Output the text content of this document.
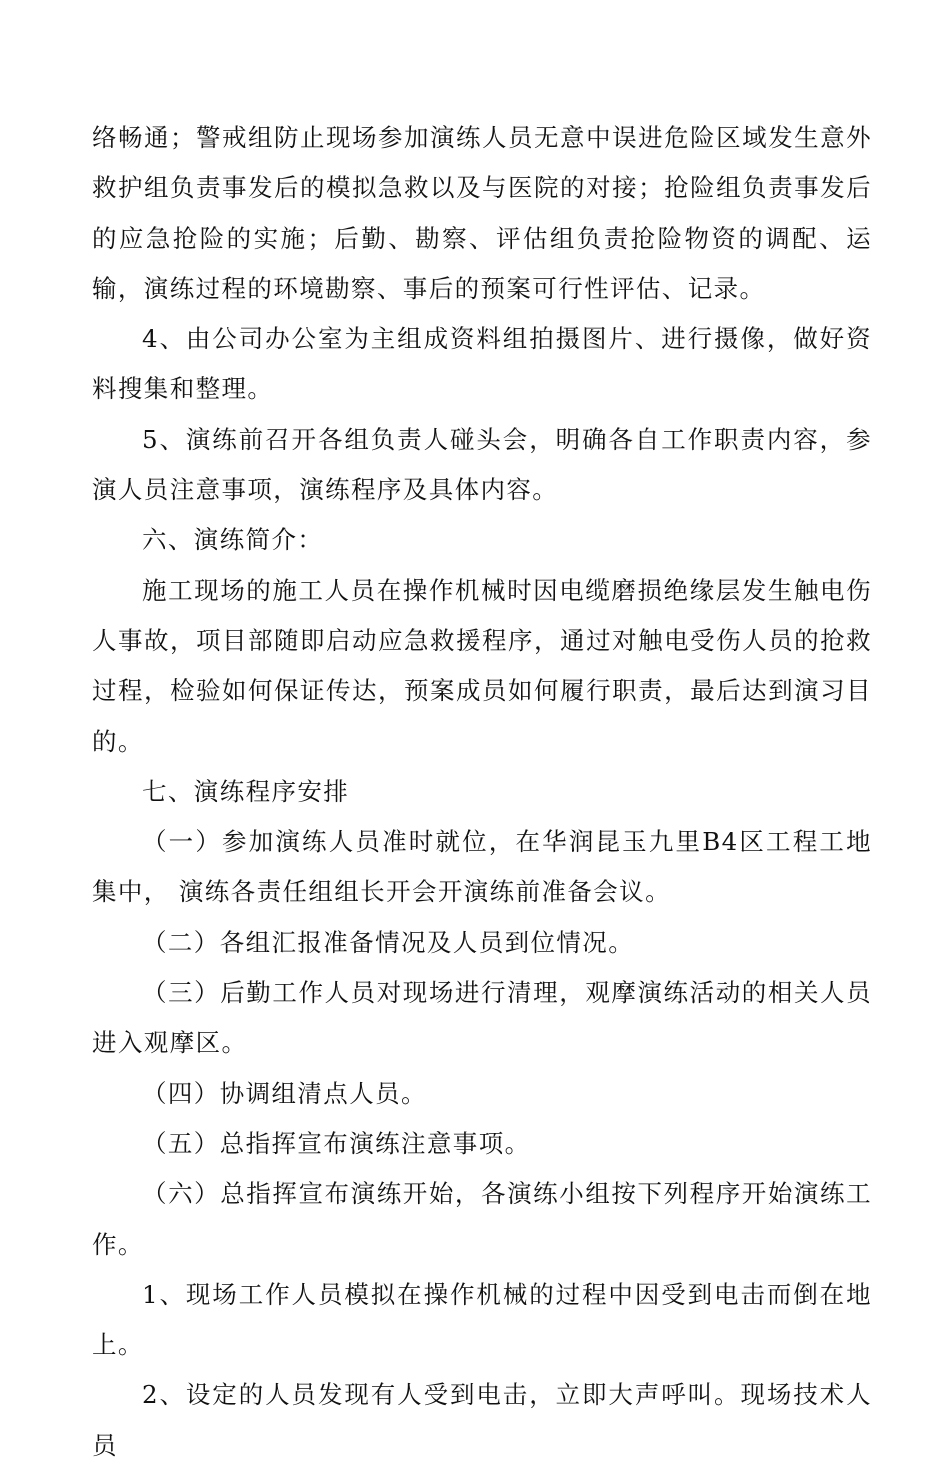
络畅通；警戒组防止现场参加演练人员无意中误进危险区域发生意外救护组负责事发后的模拟急救以及与医院的对接；抢险组负责事发后的应急抢险的实施；后勤、勘察、评估组负责抢险物资的调配、运输，演练过程的环境勘察、事后的预案可行性评估、记录。

4、由公司办公室为主组成资料组拍摄图片、进行摄像，做好资料搜集和整理。

5、演练前召开各组负责人碰头会，明确各自工作职责内容，参演人员注意事项，演练程序及具体内容。

六、演练简介：

施工现场的施工人员在操作机械时因电缆磨损绝缘层发生触电伤人事故，项目部随即启动应急救援程序，通过对触电受伤人员的抢救过程，检验如何保证传达，预案成员如何履行职责，最后达到演习目的。

七、演练程序安排

（一）参加演练人员准时就位，在华润昆玉九里B4区工程工地集中， 演练各责任组组长开会开演练前准备会议。

（二）各组汇报准备情况及人员到位情况。

（三）后勤工作人员对现场进行清理，观摩演练活动的相关人员进入观摩区。

（四）协调组清点人员。

（五）总指挥宣布演练注意事项。

（六）总指挥宣布演练开始，各演练小组按下列程序开始演练工作。

1、现场工作人员模拟在操作机械的过程中因受到电击而倒在地上。

2、设定的人员发现有人受到电击，立即大声呼叫。现场技术人员
